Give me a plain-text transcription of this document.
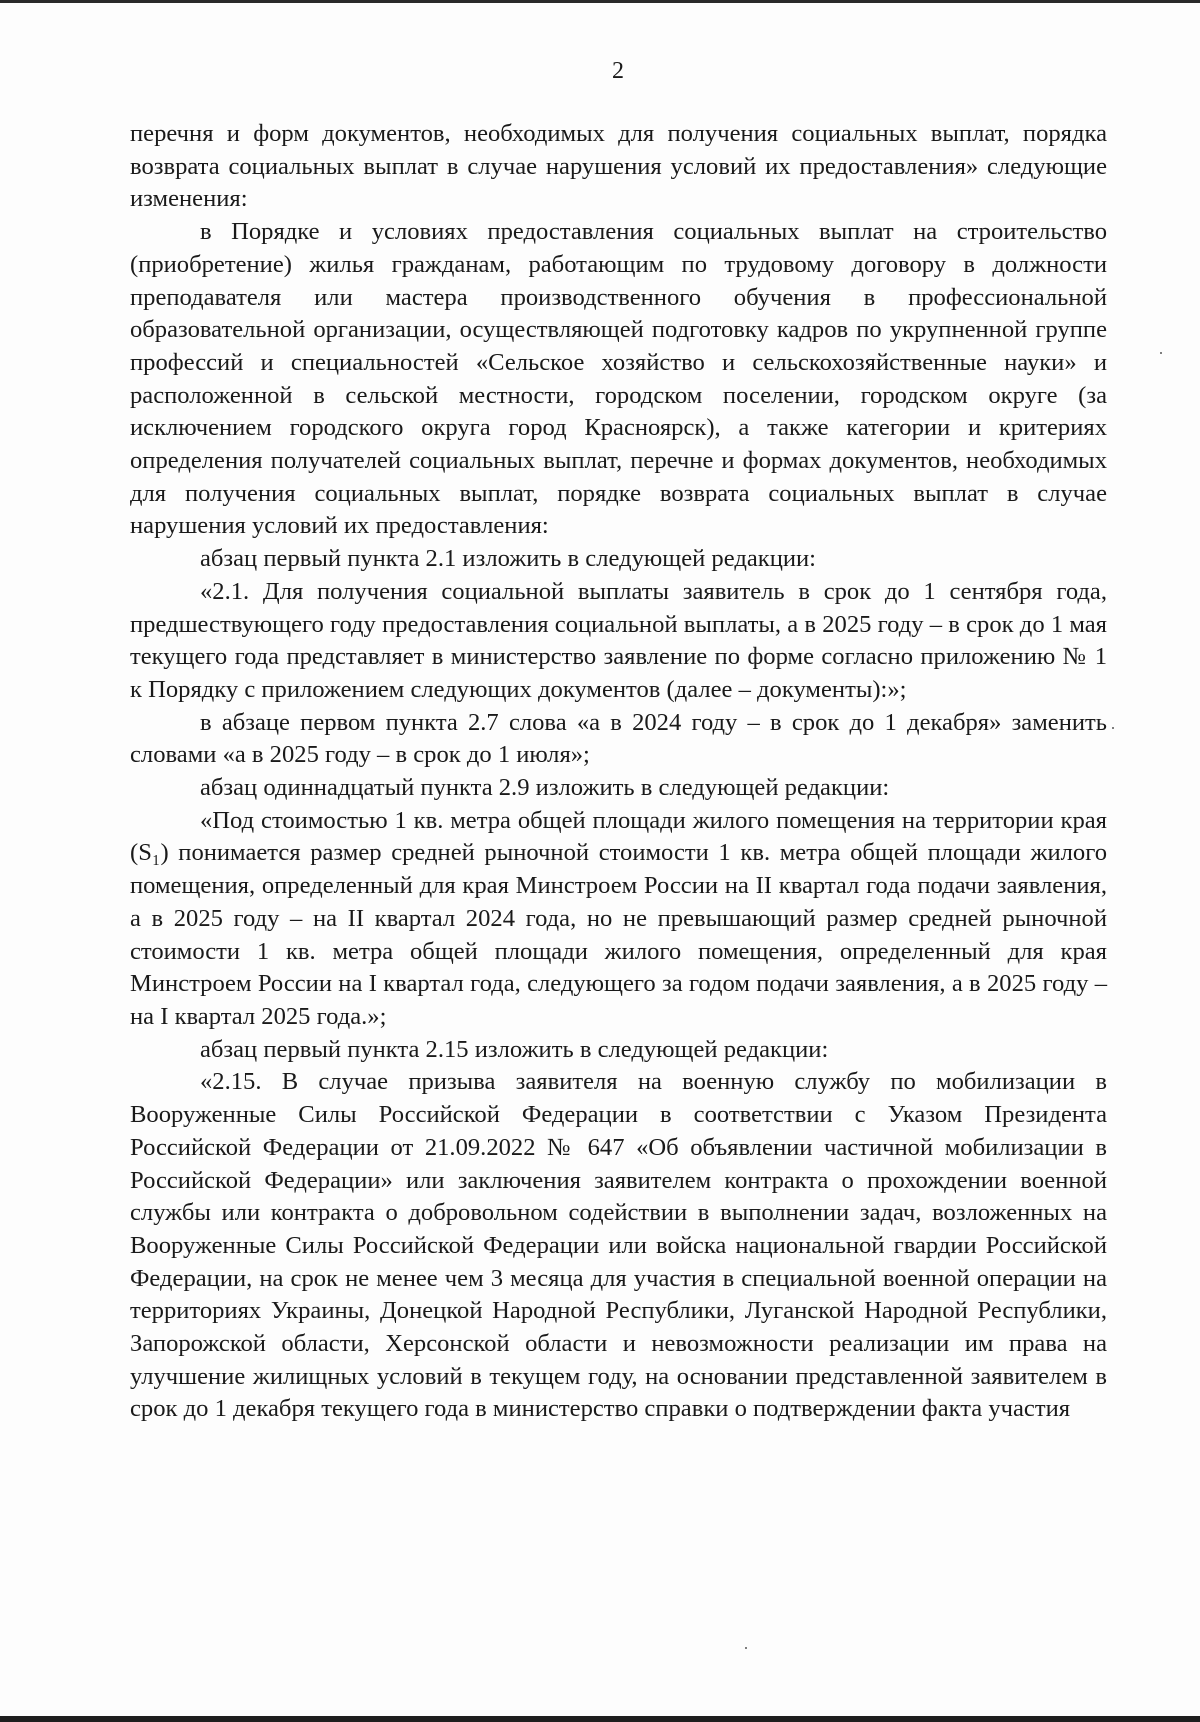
2

перечня и форм документов, необходимых для получения социальных выплат, порядка возврата социальных выплат в случае нарушения условий их предоставления» следующие изменения:

в Порядке и условиях предоставления социальных выплат на строительство (приобретение) жилья гражданам, работающим по трудовому договору в должности преподавателя или мастера производственного обучения в профессиональной образовательной организации, осуществляющей подготовку кадров по укрупненной группе профессий и специальностей «Сельское хозяйство и сельскохозяйственные науки» и расположенной в сельской местности, городском поселении, городском округе (за исключением городского округа город Красноярск), а также категории и критериях определения получателей социальных выплат, перечне и формах документов, необходимых для получения социальных выплат, порядке возврата социальных выплат в случае нарушения условий их предоставления:

абзац первый пункта 2.1 изложить в следующей редакции:

«2.1. Для получения социальной выплаты заявитель в срок до 1 сентября года, предшествующего году предоставления социальной выплаты, а в 2025 году – в срок до 1 мая текущего года представляет в министерство заявление по форме согласно приложению № 1 к Порядку с приложением следующих документов (далее – документы):»;

в абзаце первом пункта 2.7 слова «а в 2024 году – в срок до 1 декабря» заменить словами «а в 2025 году – в срок до 1 июля»;

абзац одиннадцатый пункта 2.9 изложить в следующей редакции:

«Под стоимостью 1 кв. метра общей площади жилого помещения на территории края (S₁) понимается размер средней рыночной стоимости 1 кв. метра общей площади жилого помещения, определенный для края Минстроем России на II квартал года подачи заявления, а в 2025 году – на II квартал 2024 года, но не превышающий размер средней рыночной стоимости 1 кв. метра общей площади жилого помещения, определенный для края Минстроем России на I квартал года, следующего за годом подачи заявления, а в 2025 году – на I квартал 2025 года.»;

абзац первый пункта 2.15 изложить в следующей редакции:

«2.15. В случае призыва заявителя на военную службу по мобилизации в Вооруженные Силы Российской Федерации в соответствии с Указом Президента Российской Федерации от 21.09.2022 № 647 «Об объявлении частичной мобилизации в Российской Федерации» или заключения заявителем контракта о прохождении военной службы или контракта о добровольном содействии в выполнении задач, возложенных на Вооруженные Силы Российской Федерации или войска национальной гвардии Российской Федерации, на срок не менее чем 3 месяца для участия в специальной военной операции на территориях Украины, Донецкой Народной Республики, Луганской Народной Республики, Запорожской области, Херсонской области и невозможности реализации им права на улучшение жилищных условий в текущем году, на основании представленной заявителем в срок до 1 декабря текущего года в министерство справки о подтверждении факта участия
